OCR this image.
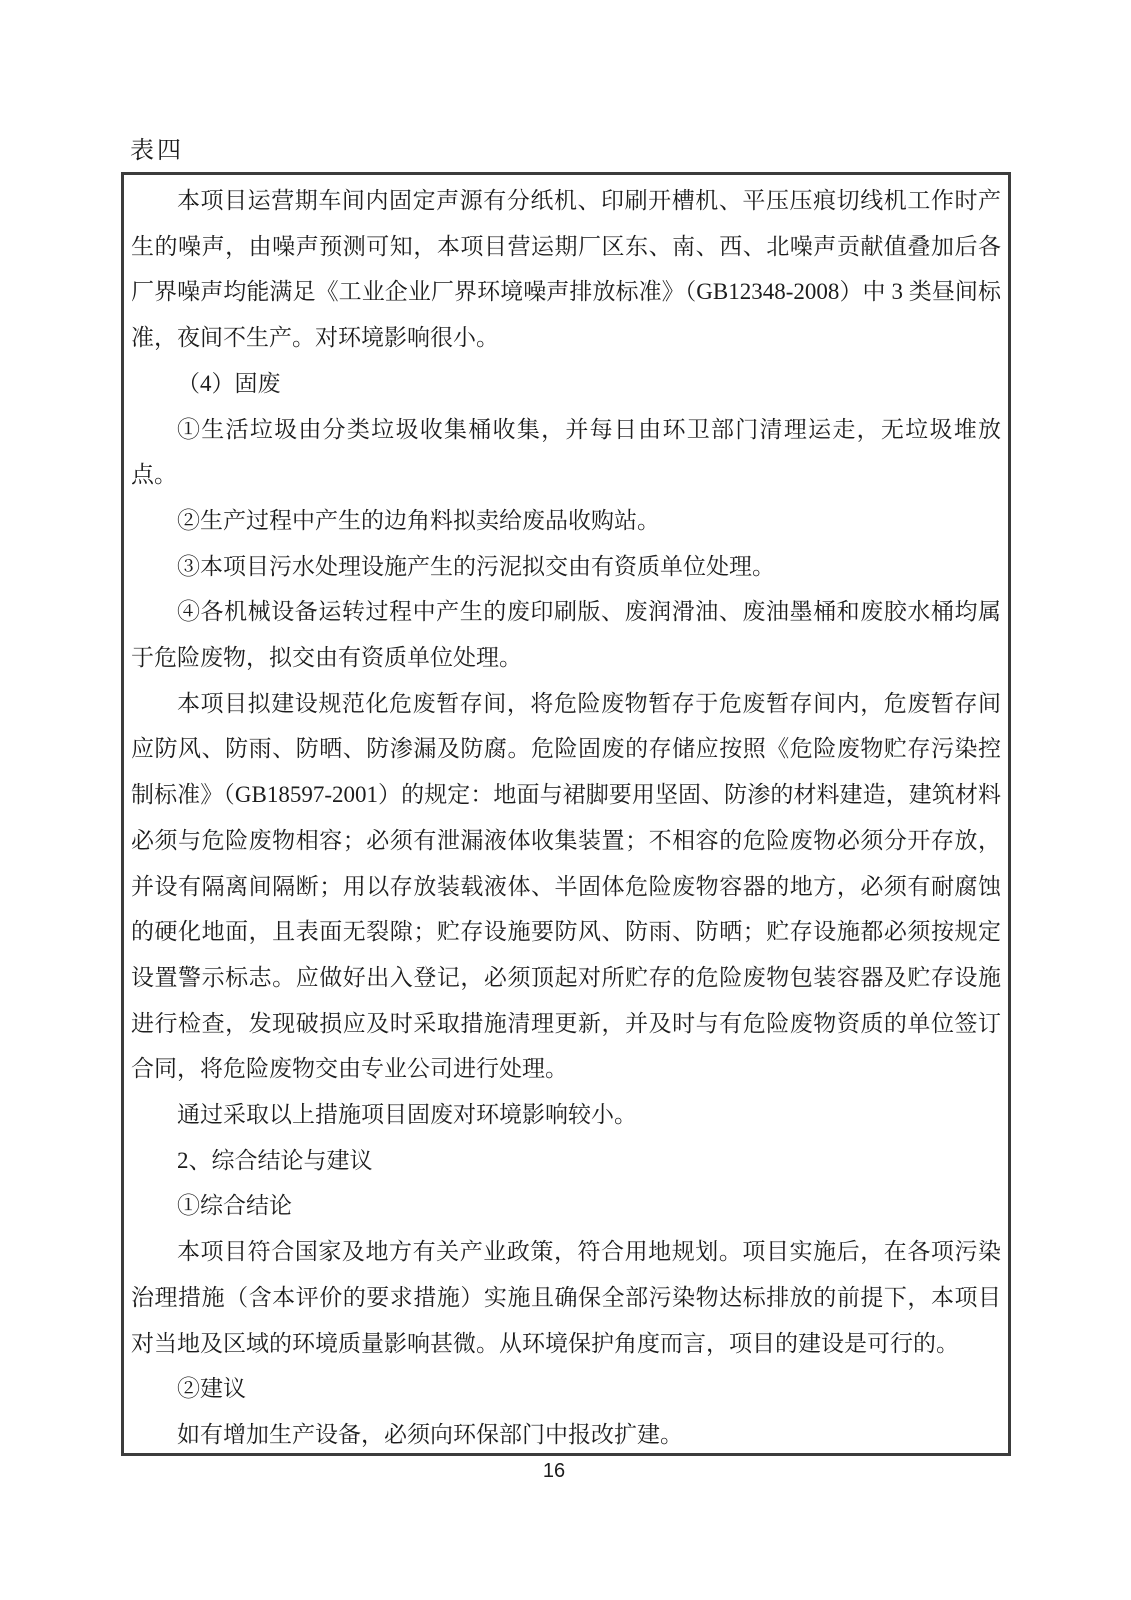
表四

本项目运营期车间内固定声源有分纸机、印刷开槽机、平压压痕切线机工作时产生的噪声，由噪声预测可知，本项目营运期厂区东、南、西、北噪声贡献值叠加后各厂界噪声均能满足《工业企业厂界环境噪声排放标准》（GB12348-2008）中 3 类昼间标准，夜间不生产。对环境影响很小。

（4）固废

①生活垃圾由分类垃圾收集桶收集，并每日由环卫部门清理运走，无垃圾堆放点。

②生产过程中产生的边角料拟卖给废品收购站。

③本项目污水处理设施产生的污泥拟交由有资质单位处理。

④各机械设备运转过程中产生的废印刷版、废润滑油、废油墨桶和废胶水桶均属于危险废物，拟交由有资质单位处理。

本项目拟建设规范化危废暂存间，将危险废物暂存于危废暂存间内，危废暂存间应防风、防雨、防晒、防渗漏及防腐。危险固废的存储应按照《危险废物贮存污染控制标准》（GB18597-2001）的规定：地面与裙脚要用坚固、防渗的材料建造，建筑材料必须与危险废物相容；必须有泄漏液体收集装置；不相容的危险废物必须分开存放，并设有隔离间隔断；用以存放装载液体、半固体危险废物容器的地方，必须有耐腐蚀的硬化地面，且表面无裂隙；贮存设施要防风、防雨、防晒；贮存设施都必须按规定设置警示标志。应做好出入登记，必须顶起对所贮存的危险废物包装容器及贮存设施进行检查，发现破损应及时采取措施清理更新，并及时与有危险废物资质的单位签订合同，将危险废物交由专业公司进行处理。

通过采取以上措施项目固废对环境影响较小。

2、综合结论与建议

①综合结论

本项目符合国家及地方有关产业政策，符合用地规划。项目实施后，在各项污染治理措施（含本评价的要求措施）实施且确保全部污染物达标排放的前提下，本项目对当地及区域的环境质量影响甚微。从环境保护角度而言，项目的建设是可行的。

②建议

如有增加生产设备，必须向环保部门中报改扩建。

16
